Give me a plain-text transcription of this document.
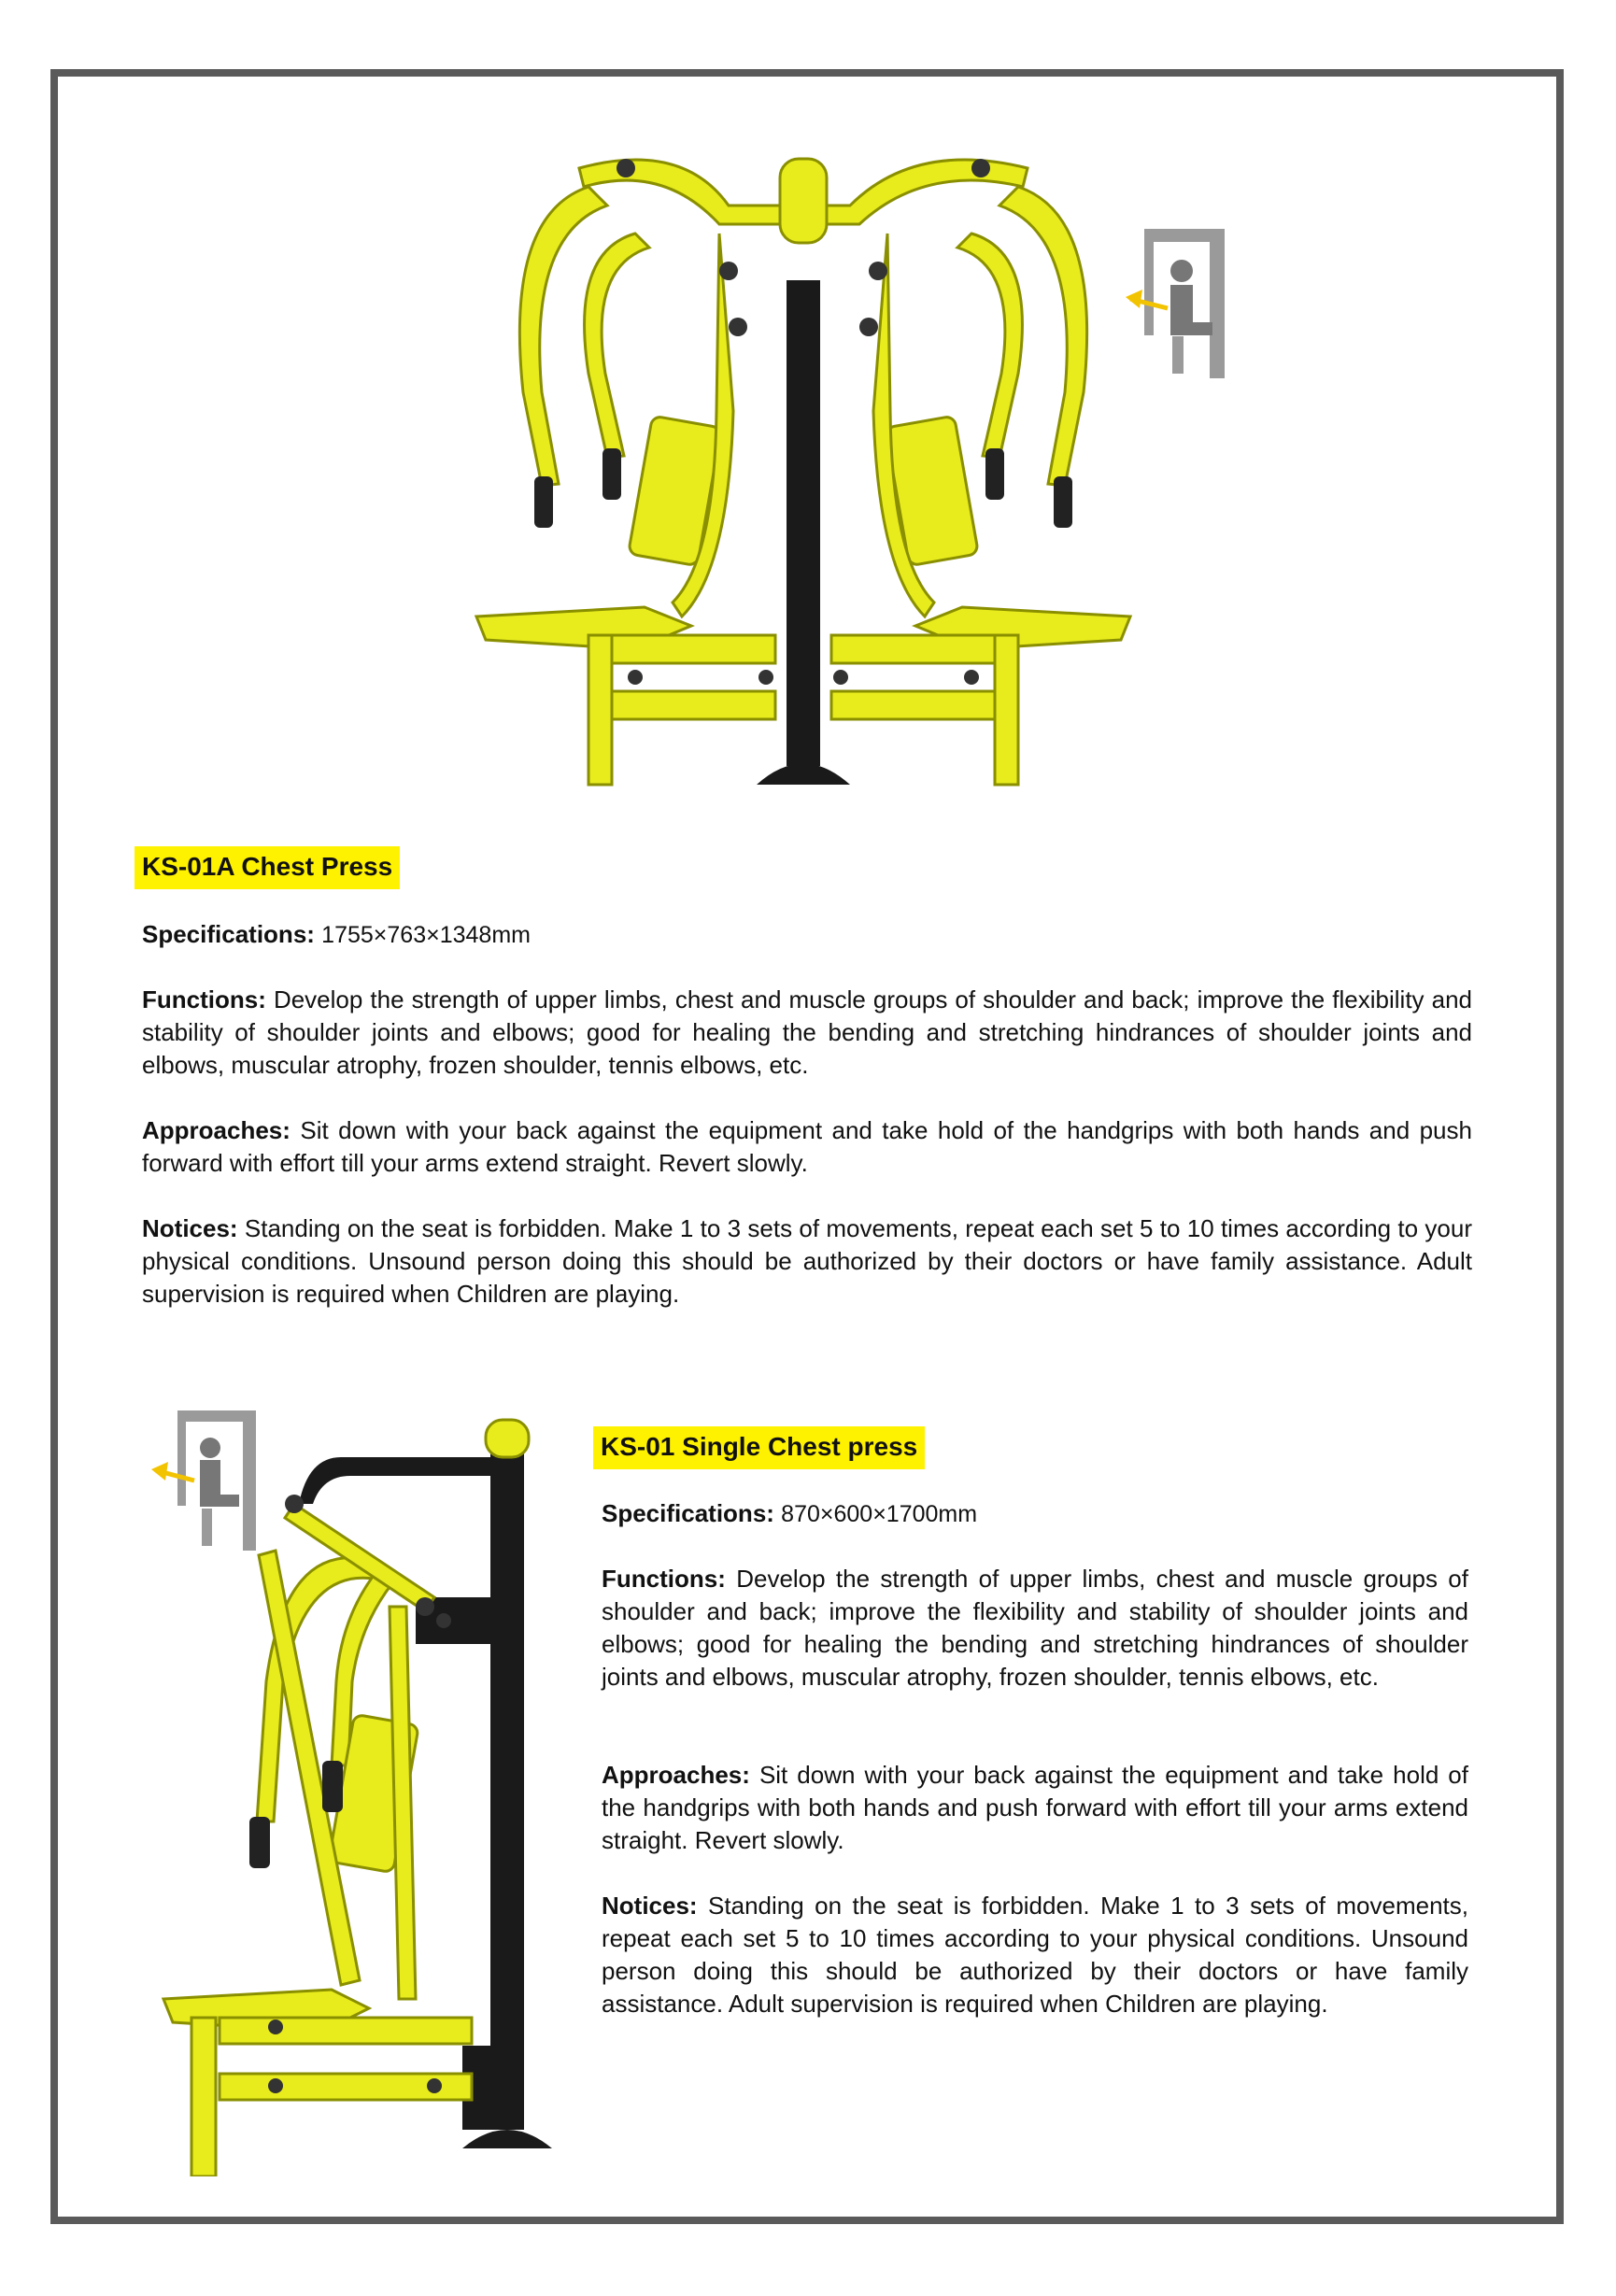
KS-01A Chest Press
Specifications: 1755×763×1348mm
Functions: Develop the strength of upper limbs, chest and muscle groups of shoulder and back; improve the flexibility and stability of shoulder joints and elbows; good for healing the bending and stretching hindrances of shoulder joints and elbows, muscular atrophy, frozen shoulder, tennis elbows, etc.
Approaches: Sit down with your back against the equipment and take hold of the handgrips with both hands and push forward with effort till your arms extend straight. Revert slowly.
Notices: Standing on the seat is forbidden. Make 1 to 3 sets of movements, repeat each set 5 to 10 times according to your physical conditions. Unsound person doing this should be authorized by their doctors or have family assistance. Adult supervision is required when Children are playing.
KS-01 Single Chest press
Specifications: 870×600×1700mm
Functions: Develop the strength of upper limbs, chest and muscle groups of shoulder and back; improve the flexibility and stability of shoulder joints and elbows; good for healing the bending and stretching hindrances of shoulder joints and elbows, muscular atrophy, frozen shoulder, tennis elbows, etc.
Approaches: Sit down with your back against the equipment and take hold of the handgrips with both hands and push forward with effort till your arms extend straight. Revert slowly.
Notices: Standing on the seat is forbidden. Make 1 to 3 sets of movements, repeat each set 5 to 10 times according to your physical conditions. Unsound person doing this should be authorized by their doctors or have family assistance. Adult supervision is required when Children are playing.
